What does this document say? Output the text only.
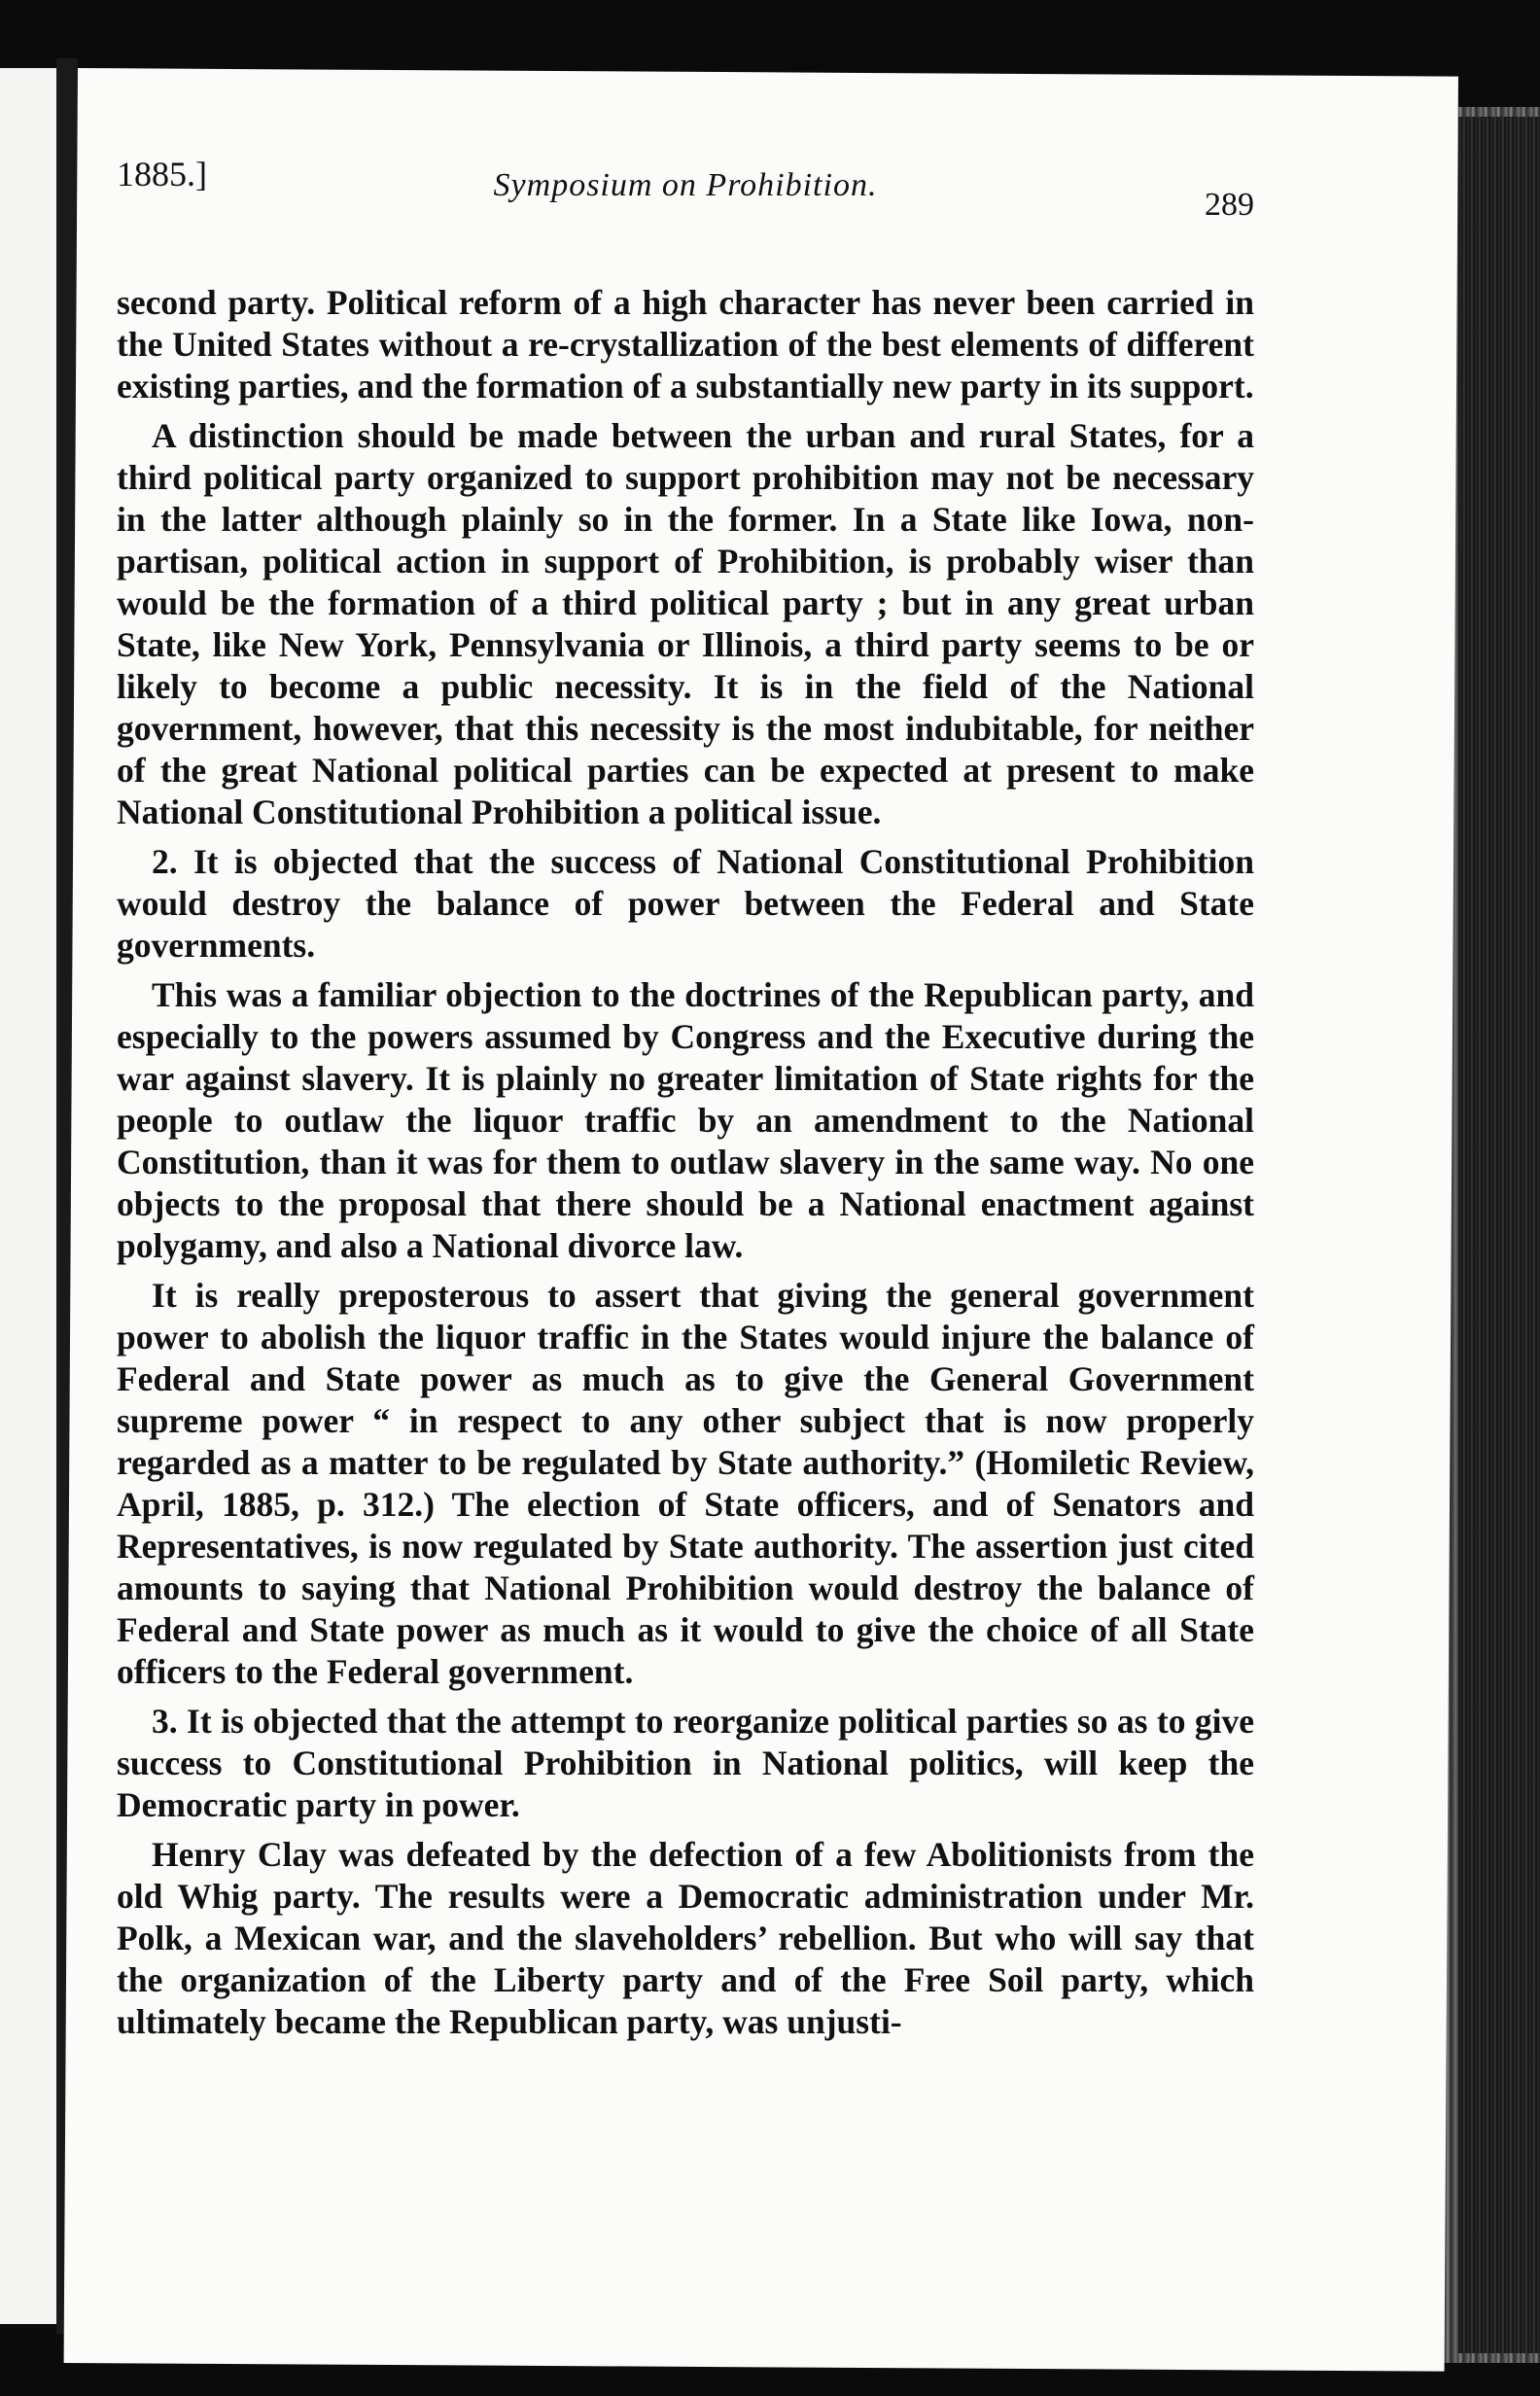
1885.]	Symposium on Prohibition.
289

second party. Political reform of a high character has never been carried in the United States without a re-crystallization of the best elements of different existing parties, and the formation of a substantially new party in its support.

A distinction should be made between the urban and rural States, for a third political party organized to support prohibition may not be necessary in the latter although plainly so in the former. In a State like Iowa, non-partisan, political action in support of Prohibition, is probably wiser than would be the formation of a third political party ; but in any great urban State, like New York, Pennsylvania or Illinois, a third party seems to be or likely to become a public necessity. It is in the field of the National government, however, that this necessity is the most indubitable, for neither of the great National political parties can be expected at present to make National Constitutional Prohibition a political issue.

2. It is objected that the success of National Constitutional Prohibition would destroy the balance of power between the Federal and State governments.

This was a familiar objection to the doctrines of the Republican party, and especially to the powers assumed by Congress and the Executive during the war against slavery. It is plainly no greater limitation of State rights for the people to outlaw the liquor traffic by an amendment to the National Constitution, than it was for them to outlaw slavery in the same way. No one objects to the proposal that there should be a National enactment against polygamy, and also a National divorce law.

It is really preposterous to assert that giving the general government power to abolish the liquor traffic in the States would injure the balance of Federal and State power as much as to give the General Government supreme power “ in respect to any other subject that is now properly regarded as a matter to be regulated by State authority.” (Homiletic Review, April, 1885, p. 312.) The election of State officers, and of Senators and Representatives, is now regulated by State authority. The assertion just cited amounts to saying that National Prohibition would destroy the balance of Federal and State power as much as it would to give the choice of all State officers to the Federal government.

3. It is objected that the attempt to reorganize political parties so as to give success to Constitutional Prohibition in National politics, will keep the Democratic party in power.

Henry Clay was defeated by the defection of a few Abolitionists from the old Whig party. The results were a Democratic administration under Mr. Polk, a Mexican war, and the slaveholders’ rebellion. But who will say that the organization of the Liberty party and of the Free Soil party, which ultimately became the Republican party, was unjusti-
